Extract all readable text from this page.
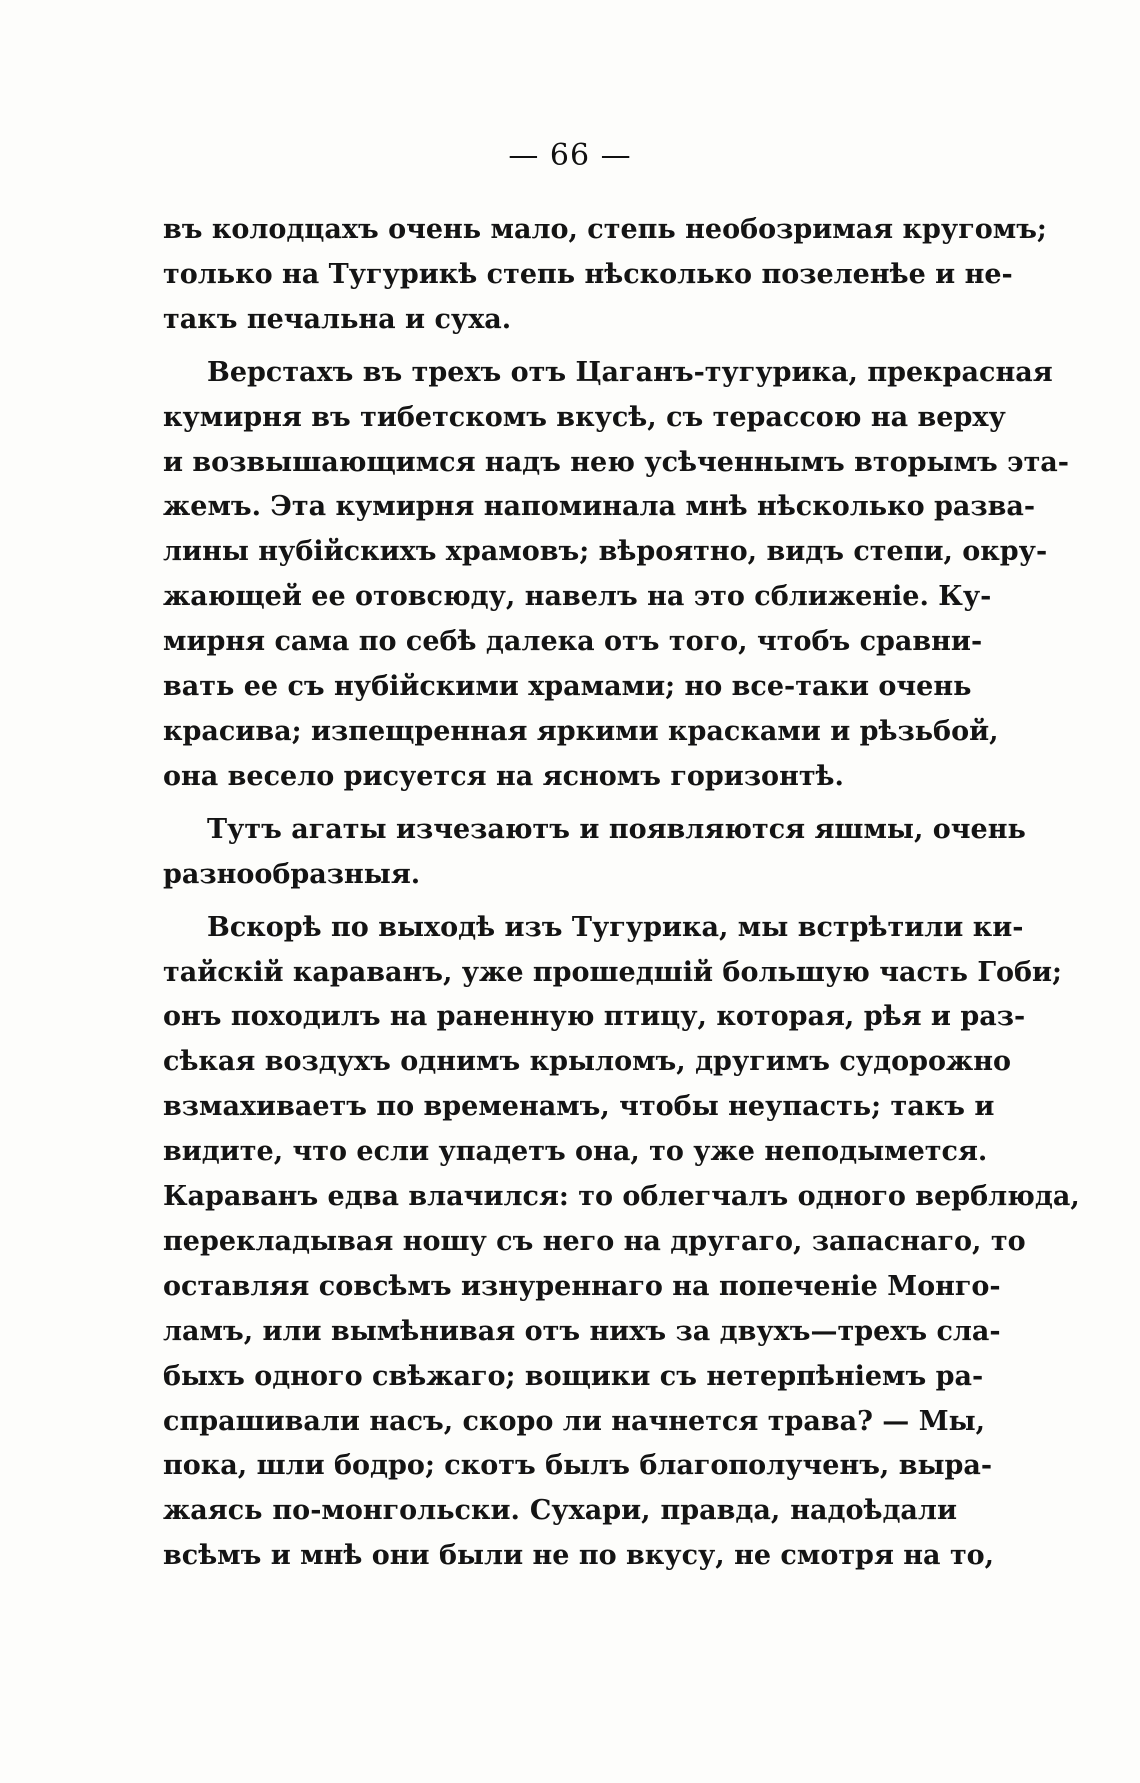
— 66 —
въ колодцахъ очень мало, степь необозримая кругомъ;
только на Тугурикѣ степь нѣсколько позеленѣе и не-
такъ печальна и суха.
Верстахъ въ трехъ отъ Цаганъ-тугурика, прекрасная
кумирня въ тибетскомъ вкусѣ, съ терассою на верху
и возвышающимся надъ нею усѣченнымъ вторымъ эта-
жемъ. Эта кумирня напоминала мнѣ нѣсколько разва-
лины нубійскихъ храмовъ; вѣроятно, видъ степи, окру-
жающей ее отовсюду, навелъ на это сближеніе. Ку-
мирня сама по себѣ далека отъ того, чтобъ сравни-
вать ее съ нубійскими храмами; но все-таки очень
красива; изпещренная яркими красками и рѣзьбой,
она весело рисуется на ясномъ горизонтѣ.
Тутъ агаты изчезаютъ и появляются яшмы, очень
разнообразныя.
Вскорѣ по выходѣ изъ Тугурика, мы встрѣтили ки-
тайскій караванъ, уже прошедшій большую часть Гоби;
онъ походилъ на раненную птицу, которая, рѣя и раз-
сѣкая воздухъ однимъ крыломъ, другимъ судорожно
взмахиваетъ по временамъ, чтобы неупасть; такъ и
видите, что если упадетъ она, то уже неподымется.
Караванъ едва влачился: то облегчалъ одного верблюда,
перекладывая ношу съ него на другаго, запаснаго, то
оставляя совсѣмъ изнуреннаго на попеченіе Монго-
ламъ, или вымѣнивая отъ нихъ за двухъ—трехъ сла-
быхъ одного свѣжаго; вощики съ нетерпѣніемъ ра-
спрашивали насъ, скоро ли начнется трава? — Мы,
пока, шли бодро; скотъ былъ благополученъ, выра-
жаясь по-монгольски. Сухари, правда, надоѣдали
всѣмъ и мнѣ они были не по вкусу, не смотря на то,
